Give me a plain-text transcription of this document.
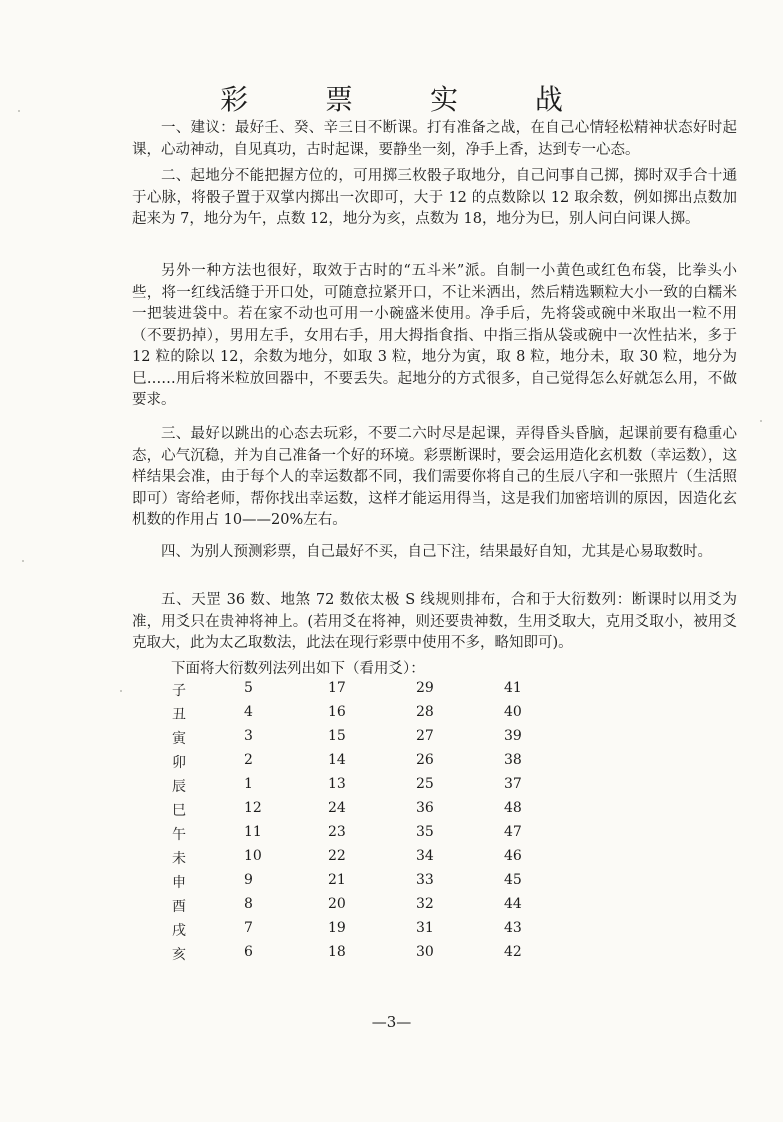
彩 票 实 战

一、建议：最好壬、癸、辛三日不断课。打有准备之战，在自己心情轻松精神状态好时起课，心动神动，自见真功，古时起课，要静坐一刻，净手上香，达到专一心态。

二、起地分不能把握方位的，可用掷三枚骰子取地分，自己问事自己掷，掷时双手合十通于心脉，将骰子置于双掌内掷出一次即可，大于 12 的点数除以 12 取余数，例如掷出点数加起来为 7，地分为午，点数 12，地分为亥，点数为 18，地分为巳，别人问白问课人掷。

另外一种方法也很好，取效于古时的“五斗米”派。自制一小黄色或红色布袋，比拳头小些，将一红线活缝于开口处，可随意拉紧开口，不让米洒出，然后精选颗粒大小一致的白糯米一把装进袋中。若在家不动也可用一小碗盛米使用。净手后，先将袋或碗中米取出一粒不用（不要扔掉），男用左手，女用右手，用大拇指食指、中指三指从袋或碗中一次性拈米，多于 12 粒的除以 12，余数为地分，如取 3 粒，地分为寅，取 8 粒，地分未，取 30 粒，地分为巳……用后将米粒放回器中，不要丢失。起地分的方式很多，自己觉得怎么好就怎么用，不做要求。

三、最好以跳出的心态去玩彩，不要二六时尽是起课，弄得昏头昏脑，起课前要有稳重心态，心气沉稳，并为自己准备一个好的环境。彩票断课时，要会运用造化玄机数（幸运数），这样结果会准，由于每个人的幸运数都不同，我们需要你将自己的生辰八字和一张照片（生活照即可）寄给老师，帮你找出幸运数，这样才能运用得当，这是我们加密培训的原因，因造化玄机数的作用占 10——20%左右。

四、为别人预测彩票，自己最好不买，自己下注，结果最好自知，尤其是心易取数时。

五、天罡 36 数、地煞 72 数依太极 S 线规则排布，合和于大衍数列：断课时以用爻为准，用爻只在贵神将神上。(若用爻在将神，则还要贵神数，生用爻取大，克用爻取小，被用爻克取大，此为太乙取数法，此法在现行彩票中使用不多，略知即可)。

下面将大衍数列法列出如下（看用爻）：

子	5	17	29	41
丑	4	16	28	40
寅	3	15	27	39
卯	2	14	26	38
辰	1	13	25	37
巳	12	24	36	48
午	11	23	35	47
未	10	22	34	46
申	9	21	33	45
酉	8	20	32	44
戌	7	19	31	43
亥	6	18	30	42
—3—
